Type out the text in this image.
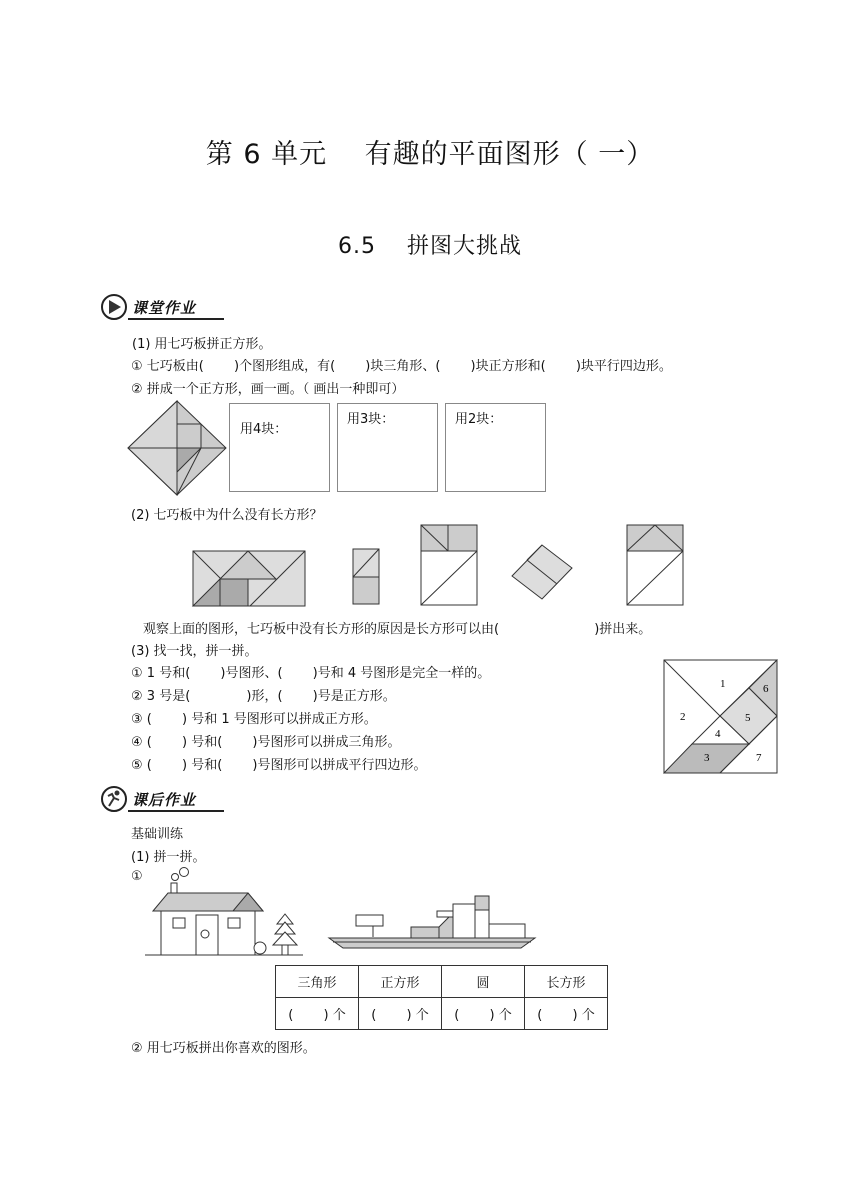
第 6 单元　 有趣的平面图形（ 一）
6.5　 拼图大挑战
课堂作业
(1) 用七巧板拼正方形。
① 七巧板由(　　 )个图形组成，有(　　 )块三角形、(　　 )块正方形和(　　 )块平行四边形。
② 拼成一个正方形，画一画。（ 画出一种即可）
用4块：
用3块：	用2块：
(2) 七巧板中为什么没有长方形？
观察上面的图形，七巧板中没有长方形的原因是长方形可以由(　　　　　　　 )拼出来。
(3) 找一找，拼一拼。
① 1 号和(　　 )号图形、(　　 )号和 4 号图形是完全一样的。
② 3 号是(　　　　 )形，(　　 )号是正方形。
③ (　　 ) 号和 1 号图形可以拼成正方形。
④ (　　 ) 号和(　　 )号图形可以拼成三角形。
⑤ (　　 ) 号和(　　 )号图形可以拼成平行四边形。
1
2
3
4
5
6
7
课后作业
基础训练
(1) 拼一拼。
①
三角形	正方形	圆	长方形
(　　 ) 个	(　　 ) 个	(　　 ) 个	(　　 ) 个
② 用七巧板拼出你喜欢的图形。
